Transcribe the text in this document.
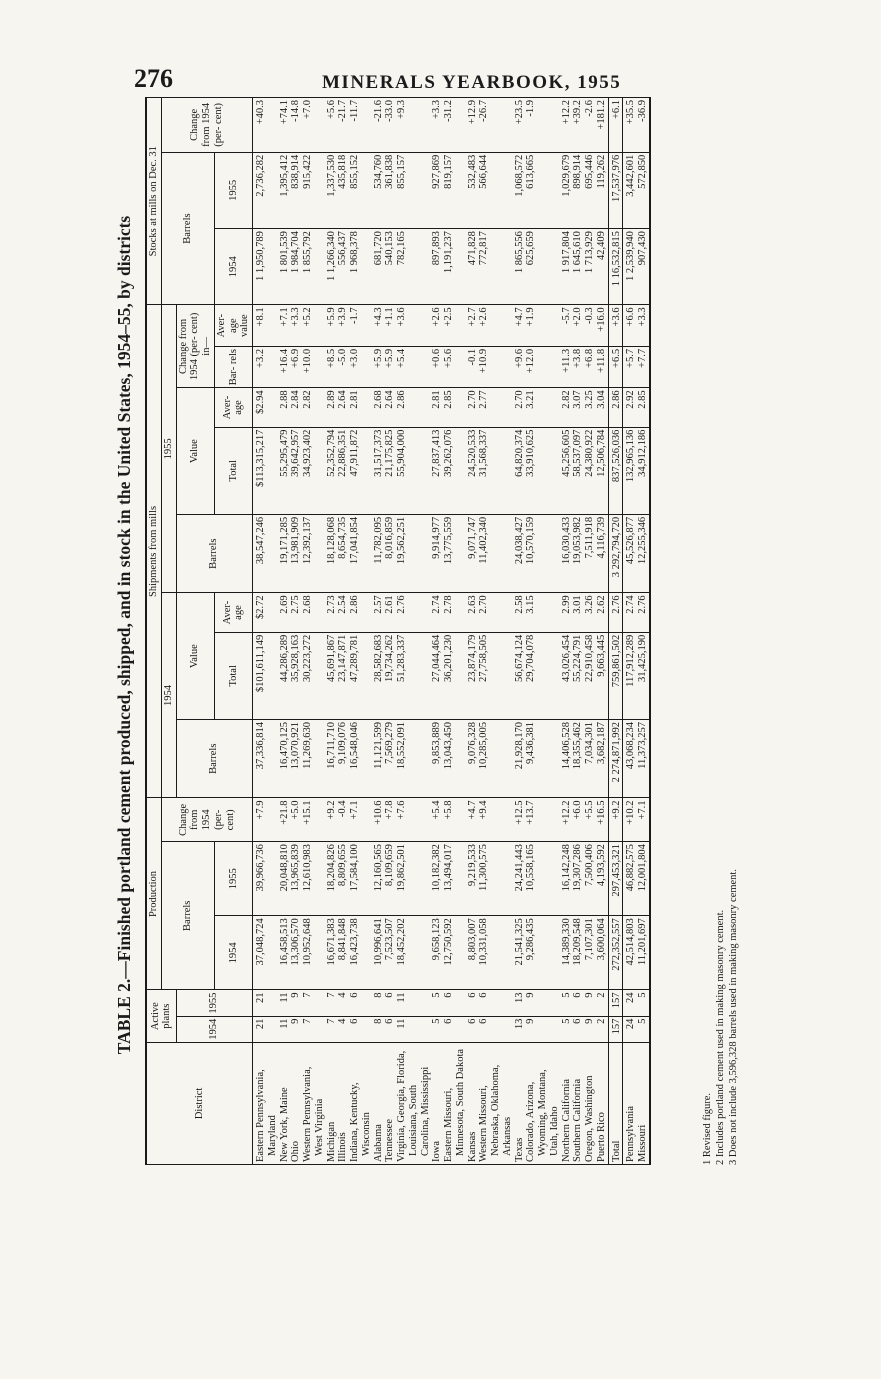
276	MINERALS YEARBOOK, 1955
TABLE 2.—Finished portland cement produced, shipped, and in stock in the United States, 1954–55, by districts
District	Active plants		Production			Shipments from mills								Stocks at mills on Dec. 31		
			Barrels		Change from 1954 (per- cent)	1954			1955					Barrels		Change from 1954 (per- cent)
	1954	1955				Barrels	Value		Barrels	Value		Change from 1954 (per- cent) in—				
			1954	1955			Total	Aver- age		Total	Aver- age	Bar- rels	Aver- age value	1954	1955	
Eastern Pennsylvania, Maryland	21	21	37,048,724	39,966,736	+7.9	37,336,814	$101,611,149	$2.72	38,547,246	$113,315,217	$2.94	+3.2	+8.1	1 1,950,789	2,736,282	+40.3
New York, Maine	11	11	16,458,513	20,048,810	+21.8	16,470,125	44,286,289	2.69	19,171,285	55,295,479	2.88	+16.4	+7.1	1 801,539	1,395,412	+74.1
Ohio	9	9	13,306,570	13,965,839	+5.0	13,070,921	35,928,163	2.75	13,981,909	39,642,957	2.84	+6.9	+3.3	1 984,704	838,914	-14.8
Western Pennsylvania, West Virginia	7	7	10,952,648	12,610,983	+15.1	11,269,630	30,223,272	2.68	12,392,137	34,923,402	2.82	+10.0	+5.2	1 855,792	915,422	+7.0
Michigan	7	7	16,671,383	18,204,826	+9.2	16,711,710	45,691,867	2.73	18,128,068	52,352,794	2.89	+8.5	+5.9	1 1,266,340	1,337,530	+5.6
Illinois	4	4	8,841,848	8,809,655	-0.4	9,109,076	23,147,871	2.54	8,654,735	22,886,351	2.64	-5.0	+3.9	556,437	435,818	-21.7
Indiana, Kentucky, Wisconsin	6	6	16,423,738	17,584,100	+7.1	16,548,046	47,289,781	2.86	17,041,854	47,911,872	2.81	+3.0	-1.7	1 968,378	855,152	-11.7
Alabama	8	8	10,996,641	12,160,565	+10.6	11,121,599	28,582,683	2.57	11,782,095	31,517,373	2.68	+5.9	+4.3	681,720	534,760	-21.6
Tennessee	6	6	7,523,507	8,109,659	+7.8	7,569,279	19,734,262	2.61	8,016,859	21,175,825	2.64	+5.9	+1.1	540,153	361,838	-33.0
Virginia, Georgia, Florida, Louisiana, South Carolina, Mississippi	11	11	18,452,202	19,862,501	+7.6	18,552,091	51,283,337	2.76	19,562,251	55,904,000	2.86	+5.4	+3.6	782,165	855,157	+9.3
Iowa	5	5	9,658,123	10,182,382	+5.4	9,853,889	27,044,464	2.74	9,914,977	27,837,413	2.81	+0.6	+2.6	897,893	927,869	+3.3
Eastern Missouri, Minnesota, South Dakota	6	6	12,750,592	13,494,017	+5.8	13,043,450	36,201,230	2.78	13,775,559	39,262,076	2.85	+5.6	+2.5	1,191,237	819,157	-31.2
Kansas	6	6	8,803,007	9,219,533	+4.7	9,076,328	23,874,179	2.63	9,071,747	24,520,533	2.70	-0.1	+2.7	471,828	532,483	+12.9
Western Missouri, Nebraska, Oklahoma, Arkansas	6	6	10,331,058	11,300,575	+9.4	10,285,005	27,758,505	2.70	11,402,340	31,568,337	2.77	+10.9	+2.6	772,817	566,644	-26.7
Texas	13	13	21,541,325	24,241,443	+12.5	21,928,170	56,674,124	2.58	24,038,427	64,820,374	2.70	+9.6	+4.7	1 865,556	1,068,572	+23.5
Colorado, Arizona, Wyoming, Montana, Utah, Idaho	9	9	9,286,435	10,558,165	+13.7	9,436,381	29,704,078	3.15	10,570,159	33,910,625	3.21	+12.0	+1.9	625,659	613,665	-1.9
Northern California	5	5	14,389,330	16,142,248	+12.2	14,406,528	43,026,454	2.99	16,030,433	45,256,605	2.82	+11.3	-5.7	1 917,804	1,029,679	+12.2
Southern California	6	6	18,209,548	19,307,286	+6.0	18,355,462	55,224,791	3.01	19,053,982	58,537,097	3.07	+3.8	+2.0	1 645,610	898,914	+39.2
Oregon, Washington	9	9	7,107,301	7,500,406	+5.5	7,034,301	22,910,458	3.26	7,511,918	24,380,922	3.25	+6.8	-0.3	1 713,929	695,446	-2.6
Puerto Rico	2	2	3,600,064	4,193,592	+16.5	3,682,187	9,663,445	2.62	4,116,739	12,506,784	3.04	+11.8	+16.0	42,409	119,262	+181.2
Total	157	157	272,352,557	297,453,321	+9.2	2 274,871,992	759,861,502	2.76	3 292,794,720	837,526,036	2.86	+6.5	+3.6	1 16,532,815	17,537,976	+6.1
Pennsylvania	24	24	42,514,803	46,882,575	+10.2	43,068,234	117,912,289	2.74	45,526,877	132,965,136	2.92	+5.7	+6.6	1 2,539,940	3,442,601	+35.5
Missouri	5	5	11,201,697	12,001,804	+7.1	11,373,257	31,425,190	2.76	12,255,346	34,912,186	2.85	+7.7	+3.3	907,430	572,850	-36.9
1 Revised figure. 2 Includes portland cement used in making masonry cement. 3 Does not include 3,596,328 barrels used in making masonry cement.
